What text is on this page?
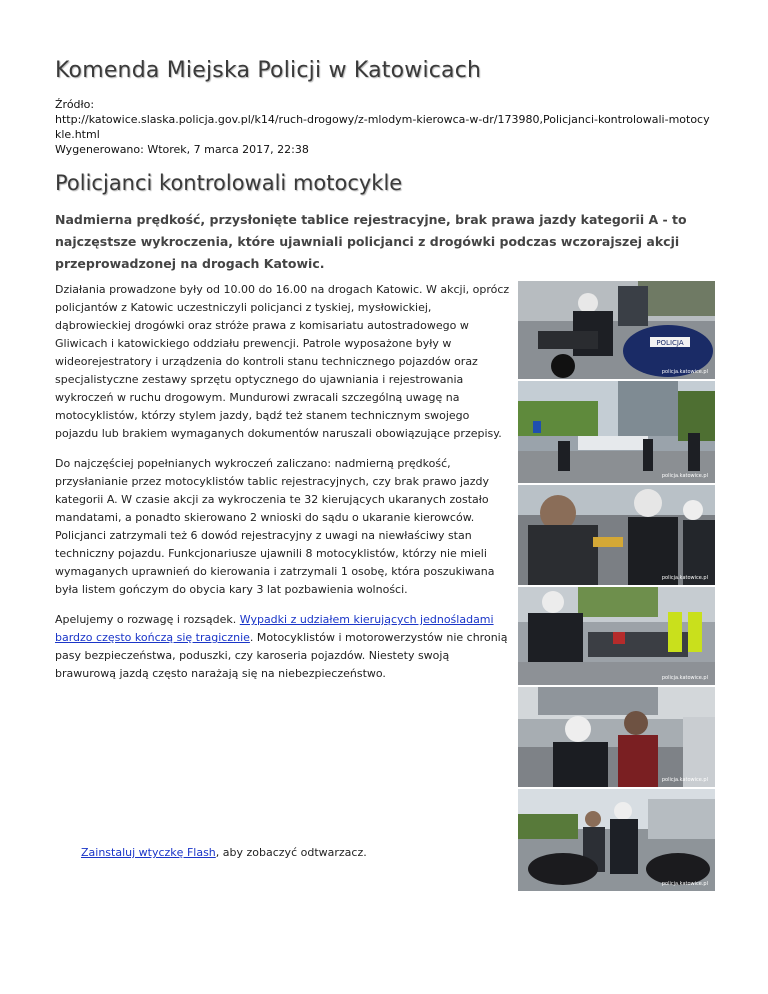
Komenda Miejska Policji w Katowicach
Źródło:
http://katowice.slaska.policja.gov.pl/k14/ruch-drogowy/z-mlodym-kierowca-w-dr/173980,Policjanci-kontrolowali-motocykle.html
Wygenerowano: Wtorek, 7 marca 2017, 22:38
Policjanci kontrolowali motocykle

Nadmierna prędkość, przysłonięte tablice rejestracyjne, brak prawa jazdy kategorii A - to najczęstsze wykroczenia, które ujawniali policjanci z drogówki podczas wczorajszej akcji przeprowadzonej na drogach Katowic.

Działania prowadzone były od 10.00 do 16.00 na drogach Katowic. W akcji, oprócz policjantów z Katowic uczestniczyli policjanci z tyskiej, mysłowickiej, dąbrowieckiej drogówki oraz stróże prawa z komisariatu autostradowego w Gliwicach i katowickiego oddziału prewencji. Patrole wyposażone były w wideorejestratory i urządzenia do kontroli stanu technicznego pojazdów oraz specjalistyczne zestawy sprzętu optycznego do ujawniania i rejestrowania wykroczeń w ruchu drogowym. Mundurowi zwracali szczególną uwagę na motocyklistów, którzy stylem jazdy, bądź też stanem technicznym swojego pojazdu lub brakiem wymaganych dokumentów naruszali obowiązujące przepisy.

Do najczęściej popełnianych wykroczeń zaliczano: nadmierną prędkość, przysłanianie przez motocyklistów tablic rejestracyjnych, czy brak prawo jazdy kategorii A. W czasie akcji za wykroczenia te 32 kierujących ukaranych zostało mandatami, a ponadto skierowano 2 wnioski do sądu o ukaranie kierowców. Policjanci zatrzymali też 6 dowód rejestracyjny z uwagi na niewłaściwy stan techniczny pojazdu. Funkcjonariusze ujawnili 8 motocyklistów, którzy nie mieli wymaganych uprawnień do kierowania i zatrzymali 1 osobę, która poszukiwana była listem gończym do obycia kary 3 lat pozbawienia wolności.

Apelujemy o rozwagę i rozsądek. Wypadki z udziałem kierujących jednośladami bardzo często kończą się tragicznie. Motocyklistów i motorowerzystów nie chronią pasy bezpieczeństwa, poduszki, czy karoseria pojazdów. Niestety swoją brawurową jazdą często narażają się na niebezpieczeństwo.

POLICJA
policja.katowice.pl
policja.katowice.pl
policja.katowice.pl
policja.katowice.pl
policja.katowice.pl
policja.katowice.pl
Zainstaluj wtyczkę Flash, aby zobaczyć odtwarzacz.
